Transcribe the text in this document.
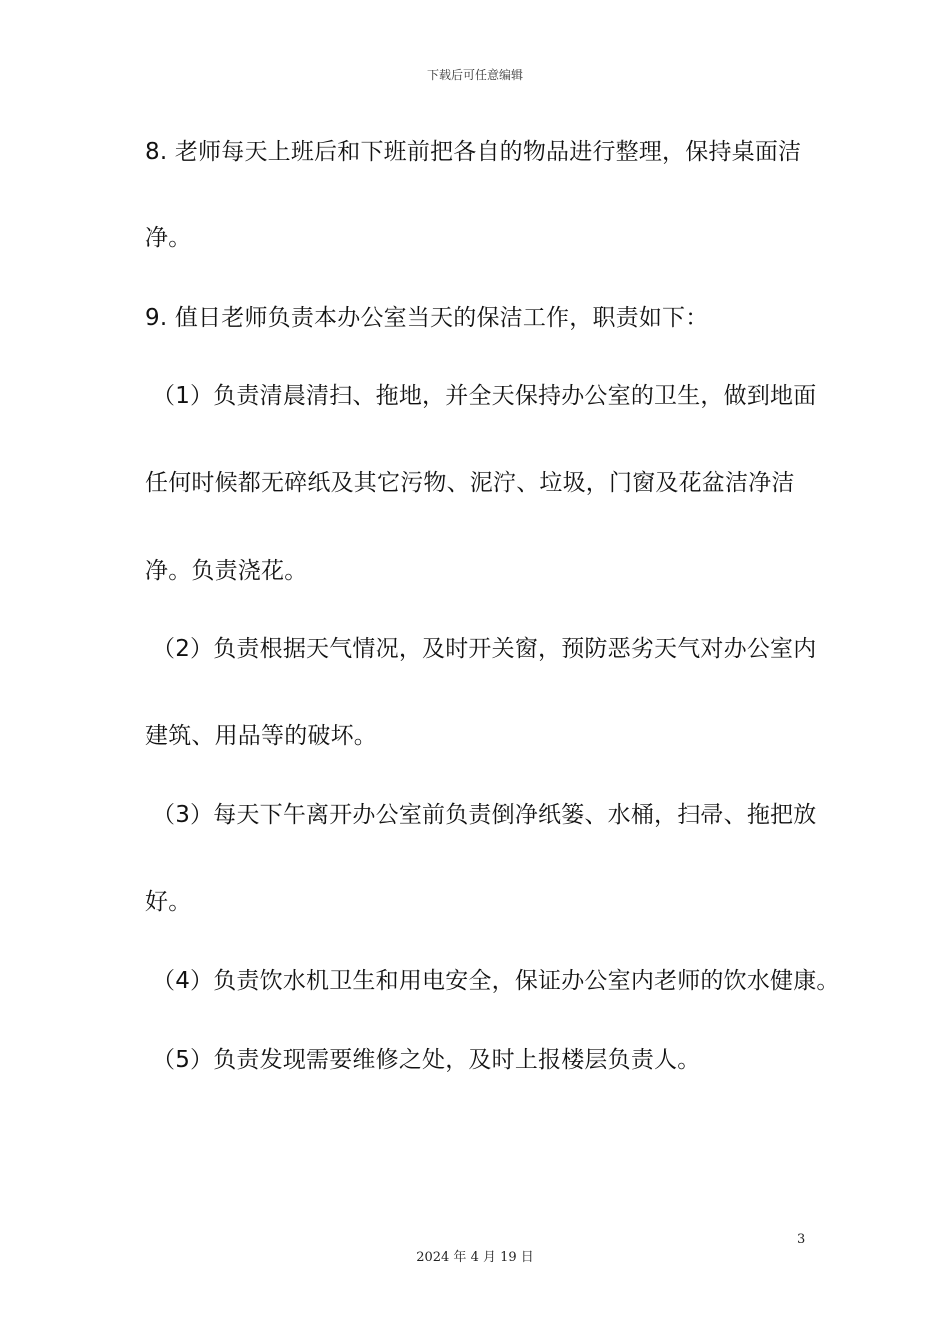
下载后可任意编辑
8. 老师每天上班后和下班前把各自的物品进行整理，保持桌面洁
净。
9. 值日老师负责本办公室当天的保洁工作，职责如下：
（1）负责清晨清扫、拖地，并全天保持办公室的卫生，做到地面
任何时候都无碎纸及其它污物、泥泞、垃圾，门窗及花盆洁净洁
净。负责浇花。
（2）负责根据天气情况，及时开关窗，预防恶劣天气对办公室内
建筑、用品等的破坏。
（3）每天下午离开办公室前负责倒净纸篓、水桶，扫帚、拖把放
好。
（4）负责饮水机卫生和用电安全，保证办公室内老师的饮水健康。
（5）负责发现需要维修之处，及时上报楼层负责人。
3
2024 年 4 月 19 日
